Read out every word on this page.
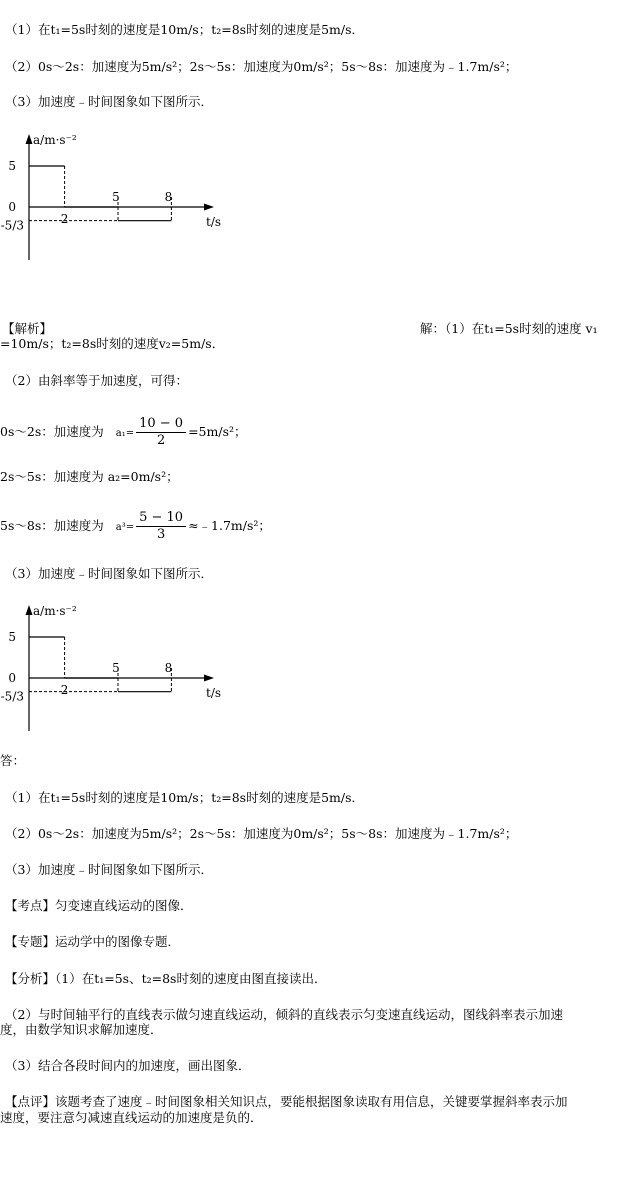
（1）在t₁=5s时刻的速度是10m/s；t₂=8s时刻的速度是5m/s．
（2）0s～2s：加速度为5m/s²；2s～5s：加速度为0m/s²；5s～8s：加速度为﹣1.7m/s²；
（3）加速度﹣时间图象如下图所示．
a/m·s⁻²
t/s
5
0
-5/3	2
5	8
【解析】	解：（1）在t₁=5s时刻的速度 v₁
=10m/s；t₂=8s时刻的速度v₂=5m/s．
（2）由斜率等于加速度，可得：
0s～2s：加速度为 $a_1= \frac{10 - 0}{2} =5m/s^2$；
2s～5s：加速度为 a₂=0m/s²；
5s～8s：加速度为 $a^3= \frac{5 - 10}{3}$ ≈﹣1.7m/s²；
（3）加速度﹣时间图象如下图所示．
a/m·s⁻²
t/s
5
0
-5/3	2
5	8
答：
（1）在t₁=5s时刻的速度是10m/s；t₂=8s时刻的速度是5m/s．
（2）0s～2s：加速度为5m/s²；2s～5s：加速度为0m/s²；5s～8s：加速度为﹣1.7m/s²；
（3）加速度﹣时间图象如下图所示．
【考点】匀变速直线运动的图像．
【专题】运动学中的图像专题．
【分析】（1）在t₁=5s、t₂=8s时刻的速度由图直接读出．
（2）与时间轴平行的直线表示做匀速直线运动，倾斜的直线表示匀变速直线运动，图线斜率表示加速
度，由数学知识求解加速度．
（3）结合各段时间内的加速度，画出图象．
【点评】该题考查了速度﹣时间图象相关知识点，要能根据图象读取有用信息，关键要掌握斜率表示加
速度，要注意匀减速直线运动的加速度是负的．
